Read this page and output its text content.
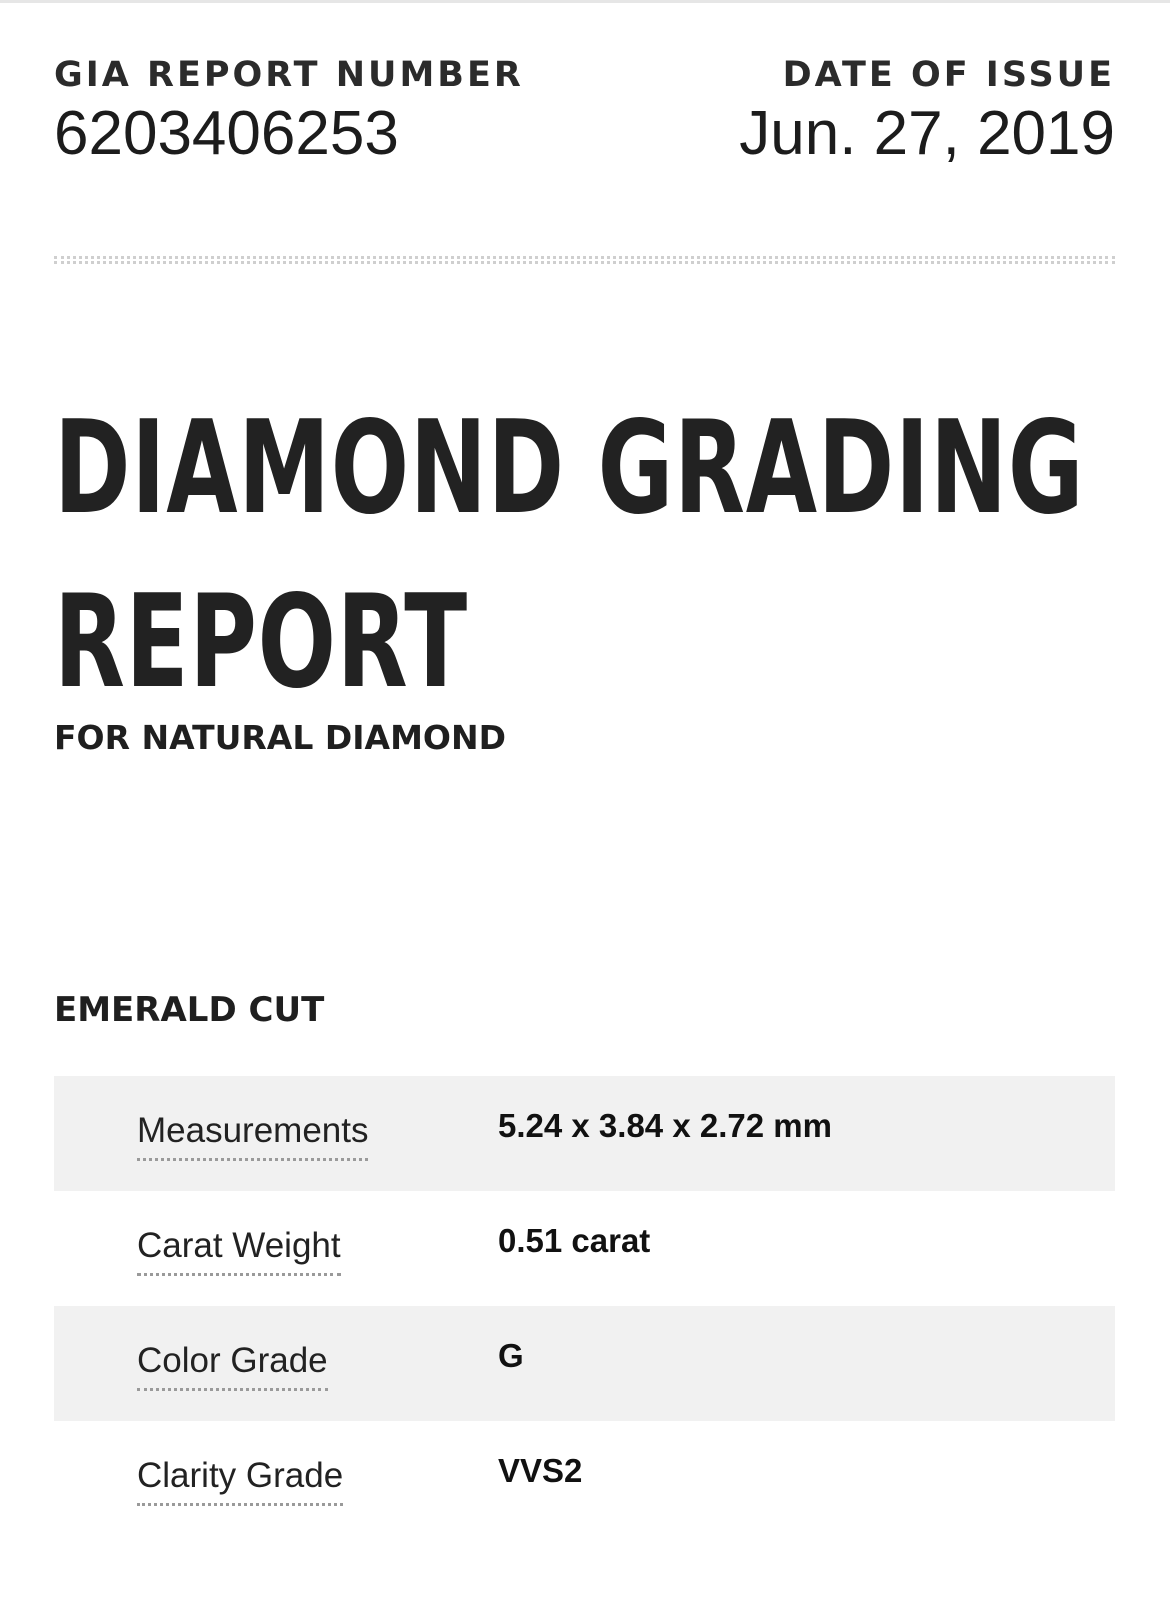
GIA REPORT NUMBER
6203406253
DATE OF ISSUE
Jun. 27, 2019
DIAMOND GRADING
REPORT
FOR NATURAL DIAMOND
EMERALD CUT
Measurements	5.24 x 3.84 x 2.72 mm
Carat Weight	0.51 carat
Color Grade	G
Clarity Grade	VVS2
